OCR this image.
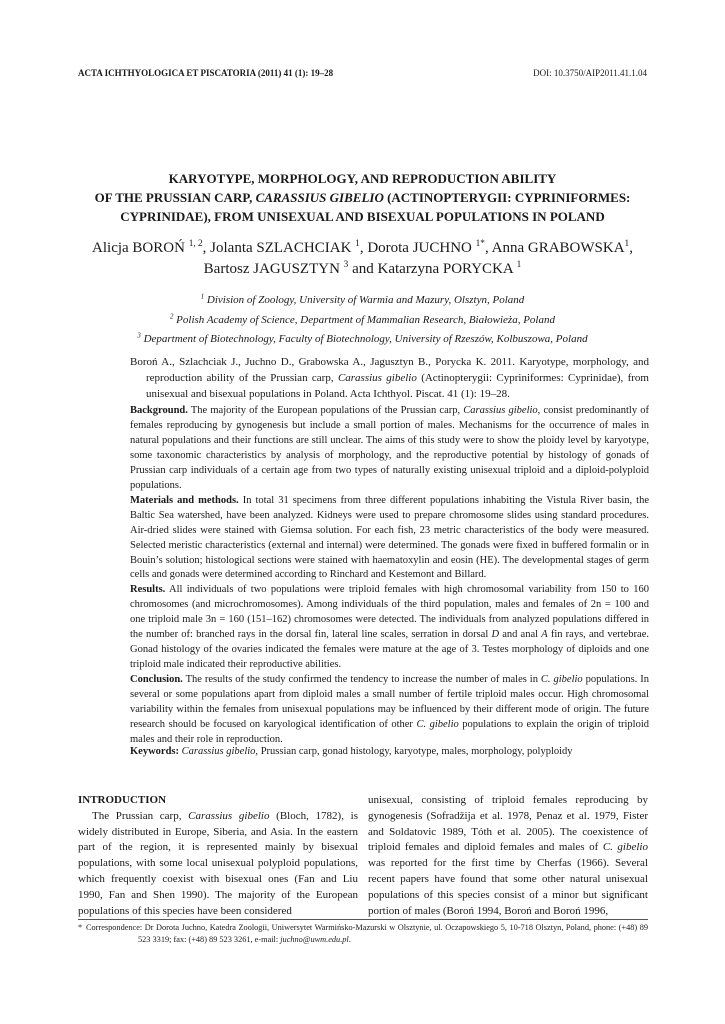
ACTA ICHTHYOLOGICA ET PISCATORIA (2011) 41 (1): 19–28	DOI: 10.3750/AIP2011.41.1.04
KARYOTYPE, MORPHOLOGY, AND REPRODUCTION ABILITY
OF THE PRUSSIAN CARP, CARASSIUS GIBELIO (ACTINOPTERYGII: CYPRINIFORMES:
CYPRINIDAE), FROM UNISEXUAL AND BISEXUAL POPULATIONS IN POLAND

Alicja BOROŃ $^{1, 2}$, Jolanta SZLACHCIAK $^1$, Dorota JUCHNO $^{1*}$, Anna GRABOWSKA$^1$,
Bartosz JAGUSZTYN $^3$ and Katarzyna PORYCKA $^1$

$^1$ Division of Zoology, University of Warmia and Mazury, Olsztyn, Poland
$^2$ Polish Academy of Science, Department of Mammalian Research, Białowieża, Poland
$^3$ Department of Biotechnology, Faculty of Biotechnology, University of Rzeszów, Kolbuszowa, Poland

Boroń A., Szlachciak J., Juchno D., Grabowska A., Jagusztyn B., Porycka K. 2011. Karyotype, morphology, and reproduction ability of the Prussian carp, Carassius gibelio (Actinopterygii: Cypriniformes: Cyprinidae), from unisexual and bisexual populations in Poland. Acta Ichthyol. Piscat. 41 (1): 19–28.

Background. The majority of the European populations of the Prussian carp, Carassius gibelio, consist predominantly of females reproducing by gynogenesis but include a small portion of males. Mechanisms for the occurrence of males in natural populations and their functions are still unclear. The aims of this study were to show the ploidy level by karyotype, some taxonomic characteristics by analysis of morphology, and the reproductive potential by histology of gonads of Prussian carp individuals of a certain age from two types of naturally existing unisexual triploid and a diploid-polyploid populations.

Materials and methods. In total 31 specimens from three different populations inhabiting the Vistula River basin, the Baltic Sea watershed, have been analyzed. Kidneys were used to prepare chromosome slides using standard procedures. Air-dried slides were stained with Giemsa solution. For each fish, 23 metric characteristics of the body were measured. Selected meristic characteristics (external and internal) were determined. The gonads were fixed in buffered formalin or in Bouin’s solution; histological sections were stained with haematoxylin and eosin (HE). The developmental stages of germ cells and gonads were determined according to Rinchard and Kestemont and Billard.

Results. All individuals of two populations were triploid females with high chromosomal variability from 150 to 160 chromosomes (and microchromosomes). Among individuals of the third population, males and females of 2n = 100 and one triploid male 3n = 160 (151–162) chromosomes were detected. The individuals from analyzed populations differed in the number of: branched rays in the dorsal fin, lateral line scales, serration in dorsal D and anal A fin rays, and vertebrae. Gonad histology of the ovaries indicated the females were mature at the age of 3. Testes morphology of diploids and one triploid male indicated their reproductive abilities.

Conclusion. The results of the study confirmed the tendency to increase the number of males in C. gibelio populations. In several or some populations apart from diploid males a small number of fertile triploid males occur. High chromosomal variability within the females from unisexual populations may be influenced by their different mode of origin. The future research should be focused on karyological identification of other C. gibelio populations to explain the origin of triploid males and their role in reproduction.

Keywords: Carassius gibelio, Prussian carp, gonad histology, karyotype, males, morphology, polyploidy

INTRODUCTION

The Prussian carp, Carassius gibelio (Bloch, 1782), is widely distributed in Europe, Siberia, and Asia. In the eastern part of the region, it is represented mainly by bisexual populations, with some local unisexual polyploid populations, which frequently coexist with bisexual ones (Fan and Liu 1990, Fan and Shen 1990). The majority of the European populations of this species have been considered

unisexual, consisting of triploid females reproducing by gynogenesis (Sofradžija et al. 1978, Penaz et al. 1979, Fister and Soldatovic 1989, Tóth et al. 2005). The coexistence of triploid females and diploid females and males of C. gibelio was reported for the first time by Cherfas (1966). Several recent papers have found that some other natural unisexual populations of this species consist of a minor but significant portion of males (Boroń 1994, Boroń and Boroń 1996,

* Correspondence: Dr Dorota Juchno, Katedra Zoologii, Uniwersytet Warmińsko-Mazurski w Olsztynie, ul. Oczapowskiego 5, 10-718 Olsztyn, Poland, phone: (+48) 89 523 3319; fax: (+48) 89 523 3261, e-mail: juchno@uwm.edu.pl.
